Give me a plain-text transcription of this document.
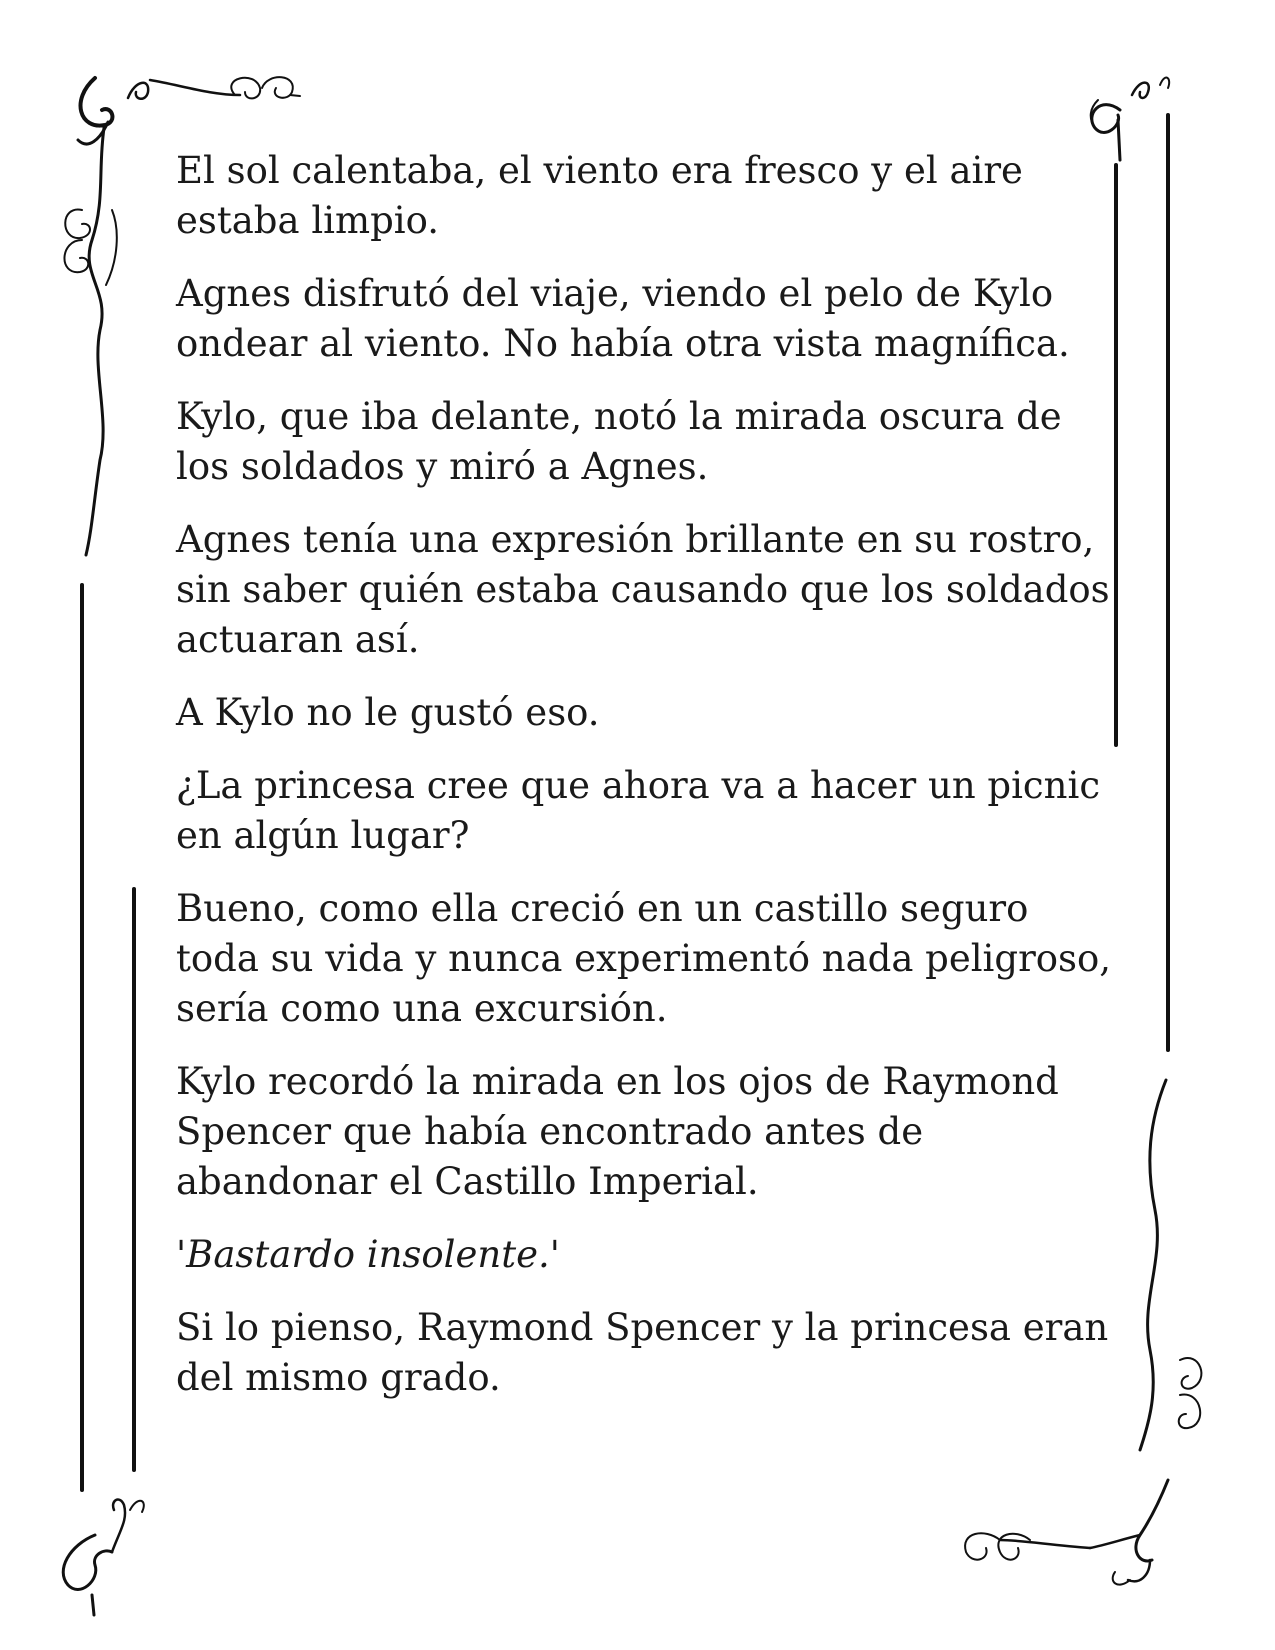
El sol calentaba, el viento era fresco y el aire estaba limpio.

Agnes disfrutó del viaje, viendo el pelo de Kylo ondear al viento. No había otra vista magnífica.

Kylo, que iba delante, notó la mirada oscura de los soldados y miró a Agnes.

Agnes tenía una expresión brillante en su rostro, sin saber quién estaba causando que los soldados actuaran así.

A Kylo no le gustó eso.

¿La princesa cree que ahora va a hacer un picnic en algún lugar?

Bueno, como ella creció en un castillo seguro toda su vida y nunca experimentó nada peligroso, sería como una excursión.

Kylo recordó la mirada en los ojos de Raymond Spencer que había encontrado antes de abandonar el Castillo Imperial.

'Bastardo insolente.'

Si lo pienso, Raymond Spencer y la princesa eran del mismo grado.
